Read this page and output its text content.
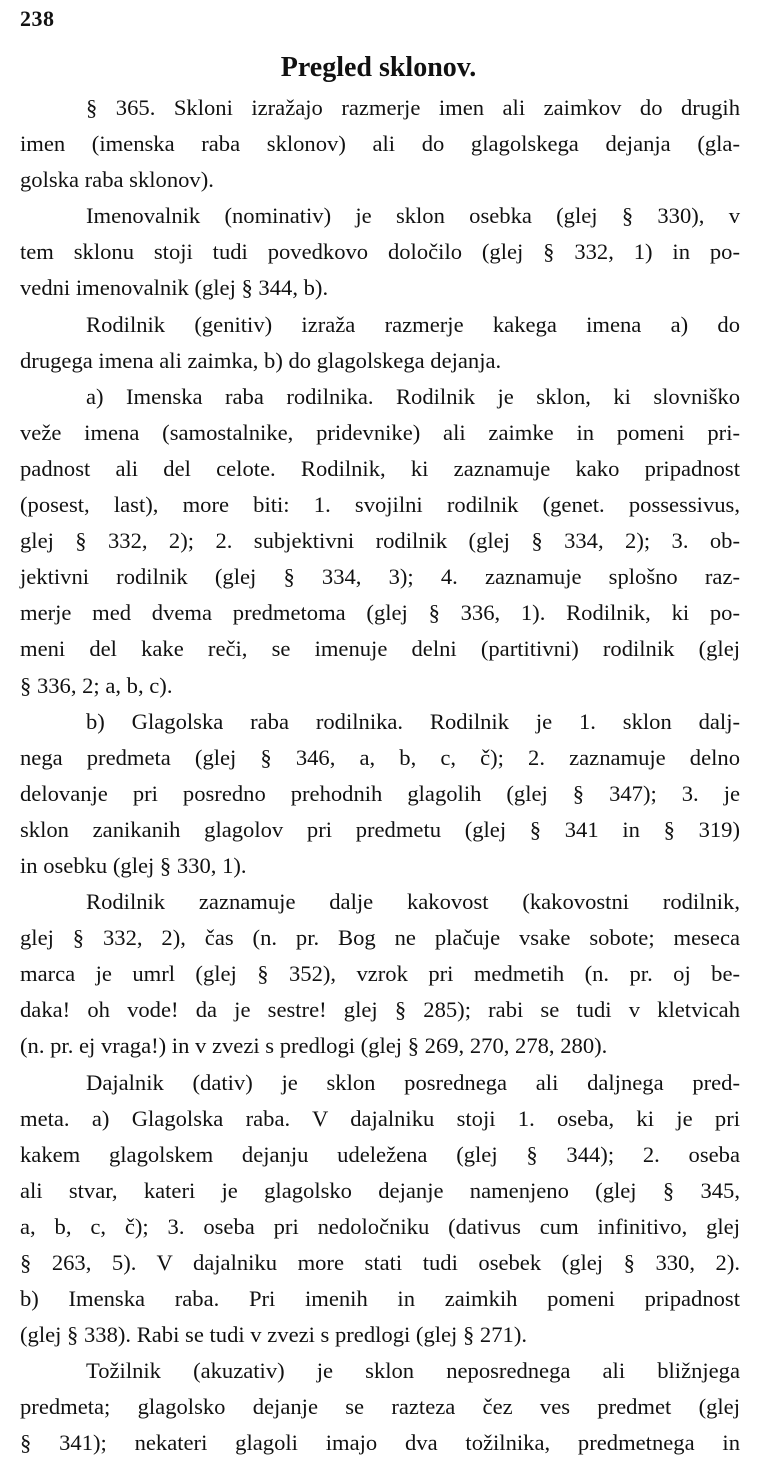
238
Pregled sklonov.
§ 365. Skloni izražajo razmerje imen ali zaimkov do drugih
imen (imenska raba sklonov) ali do glagolskega dejanja (gla-
golska raba sklonov).
Imenovalnik (nominativ) je sklon osebka (glej § 330), v
tem sklonu stoji tudi povedkovo določilo (glej § 332, 1) in po-
vedni imenovalnik (glej § 344, b).
Rodilnik (genitiv) izraža razmerje kakega imena a) do
drugega imena ali zaimka, b) do glagolskega dejanja.
a) Imenska raba rodilnika. Rodilnik je sklon, ki slovniško
veže imena (samostalnike, pridevnike) ali zaimke in pomeni pri-
padnost ali del celote. Rodilnik, ki zaznamuje kako pripadnost
(posest, last), more biti: 1. svojilni rodilnik (genet. possessivus,
glej § 332, 2); 2. subjektivni rodilnik (glej § 334, 2); 3. ob-
jektivni rodilnik (glej § 334, 3); 4. zaznamuje splošno raz-
merje med dvema predmetoma (glej § 336, 1). Rodilnik, ki po-
meni del kake reči, se imenuje delni (partitivni) rodilnik (glej
§ 336, 2; a, b, c).
b) Glagolska raba rodilnika. Rodilnik je 1. sklon dalj-
nega predmeta (glej § 346, a, b, c, č); 2. zaznamuje delno
delovanje pri posredno prehodnih glagolih (glej § 347); 3. je
sklon zanikanih glagolov pri predmetu (glej § 341 in § 319)
in osebku (glej § 330, 1).
Rodilnik zaznamuje dalje kakovost (kakovostni rodilnik,
glej § 332, 2), čas (n. pr. Bog ne plačuje vsake sobote; meseca
marca je umrl (glej § 352), vzrok pri medmetih (n. pr. oj be-
daka! oh vode! da je sestre! glej § 285); rabi se tudi v kletvicah
(n. pr. ej vraga!) in v zvezi s predlogi (glej § 269, 270, 278, 280).
Dajalnik (dativ) je sklon posrednega ali daljnega pred-
meta. a) Glagolska raba. V dajalniku stoji 1. oseba, ki je pri
kakem glagolskem dejanju udeležena (glej § 344); 2. oseba
ali stvar, kateri je glagolsko dejanje namenjeno (glej § 345,
a, b, c, č); 3. oseba pri nedoločniku (dativus cum infinitivo, glej
§ 263, 5). V dajalniku more stati tudi osebek (glej § 330, 2).
b) Imenska raba. Pri imenih in zaimkih pomeni pripadnost
(glej § 338). Rabi se tudi v zvezi s predlogi (glej § 271).
Tožilnik (akuzativ) je sklon neposrednega ali bližnjega
predmeta; glagolsko dejanje se razteza čez ves predmet (glej
§ 341); nekateri glagoli imajo dva tožilnika, predmetnega in
